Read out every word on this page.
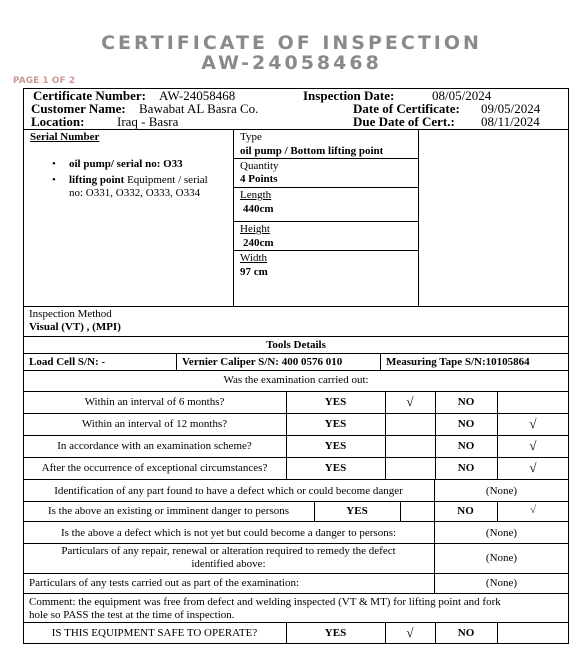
CERTIFICATE OF INSPECTION
AW-24058468
PAGE 1 OF 2
Certificate Number: AW-24058468	Inspection Date:	08/05/2024
Customer Name: Bawabat AL Basra Co.	Date of Certificate: 09/05/2024
Location:	Iraq - Basra	Due Date of Cert.: 08/11/2024
Serial Number
• oil pump/ serial no: O33
• lifting point Equipment / serial
no: O331, O332, O333, O334
Type
oil pump / Bottom lifting point
Quantity
4 Points
Length
440cm
Height
240cm
Width
97 cm
Inspection Method
Visual (VT) , (MPI)
Tools Details
Load Cell S/N: -	Vernier Caliper S/N: 400 0576 010	Measuring Tape S/N:10105864
Was the examination carried out:
Within an interval of 6 months?	YES	√	NO
Within an interval of 12 months?	YES	NO	√
In accordance with an examination scheme?	YES	NO	√
After the occurrence of exceptional circumstances?	YES	NO	√
Identification of any part found to have a defect which or could become danger	(None)
Is the above an existing or imminent danger to persons	YES	NO	√
Is the above a defect which is not yet but could become a danger to persons:	(None)
Particulars of any repair, renewal or alteration required to remedy the defect
identified above:	(None)
Particulars of any tests carried out as part of the examination:	(None)
Comment: the equipment was free from defect and welding inspected (VT & MT) for lifting point and fork
hole so PASS the test at the time of inspection.
IS THIS EQUIPMENT SAFE TO OPERATE?	YES	√	NO
